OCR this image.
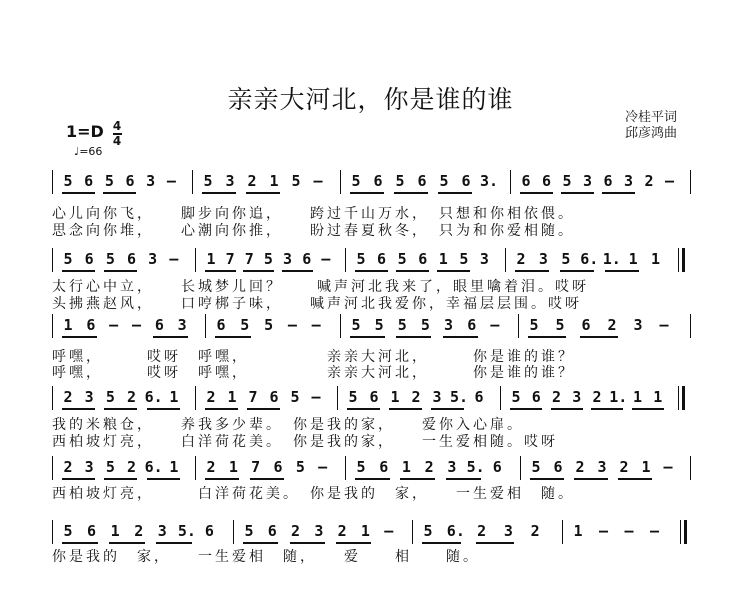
亲亲大河北，你是谁的谁
冷桂平词
邱彦鸿曲
1=D 4
4
♩=66
5 6 5 6 3 – 5 3 2 1 5 – 5 6 5 6 5 6 3. 6 6 5 3 6 3 2 –
心儿向你飞，　　脚步向你追，　　跨过千山万水，　只想和你相依偎。
思念向你堆，　　心潮向你推，　　盼过春夏秋冬，　只为和你爱相随。
5 6 5 6 3 – 1 7 7 5 3 6 – 5 6 5 6 1 5 3 2 3 5 6. 1. 1 1
太行心中立，　　长城梦儿回？　　喊声河北我来了，眼里噙着泪。哎呀
头拂燕赵风，　　口哼梆子味，　　喊声河北我爱你，幸福层层围。哎呀
1 6 – – 6 3 6 5 5 – – 5 5 5 5 3 6 – 5 5 6 2 3 –
呼嘿，　　　哎呀　呼嘿，　　　　　亲亲大河北，　　　你是谁的谁？
呼嘿，　　　哎呀　呼嘿，　　　　　亲亲大河北，　　　你是谁的谁？
2 3 5 2 6. 1 2 1 7 6 5 – 5 6 1 2 3 5. 6 5 6 2 3 2 1. 1 1
我的米粮仓，　　养我多少辈。　你是我的家，　　爱你入心扉。
西柏坡灯亮，　　白洋荷花美。　你是我的家，　　一生爱相随。哎呀
2 3 5 2 6. 1 2 1 7 6 5 – 5 6 1 2 3 5. 6 5 6 2 3 2 1 –
西柏坡灯亮，　　　白洋荷花美。　你是我的　家，　　一生爱相　随。
5 6 1 2 3 5. 6 5 6 2 3 2 1 – 5 6. 2 3 2 1 – – –
你是我的　家，　　一生爱相　随，　　爱　　相　　随。
